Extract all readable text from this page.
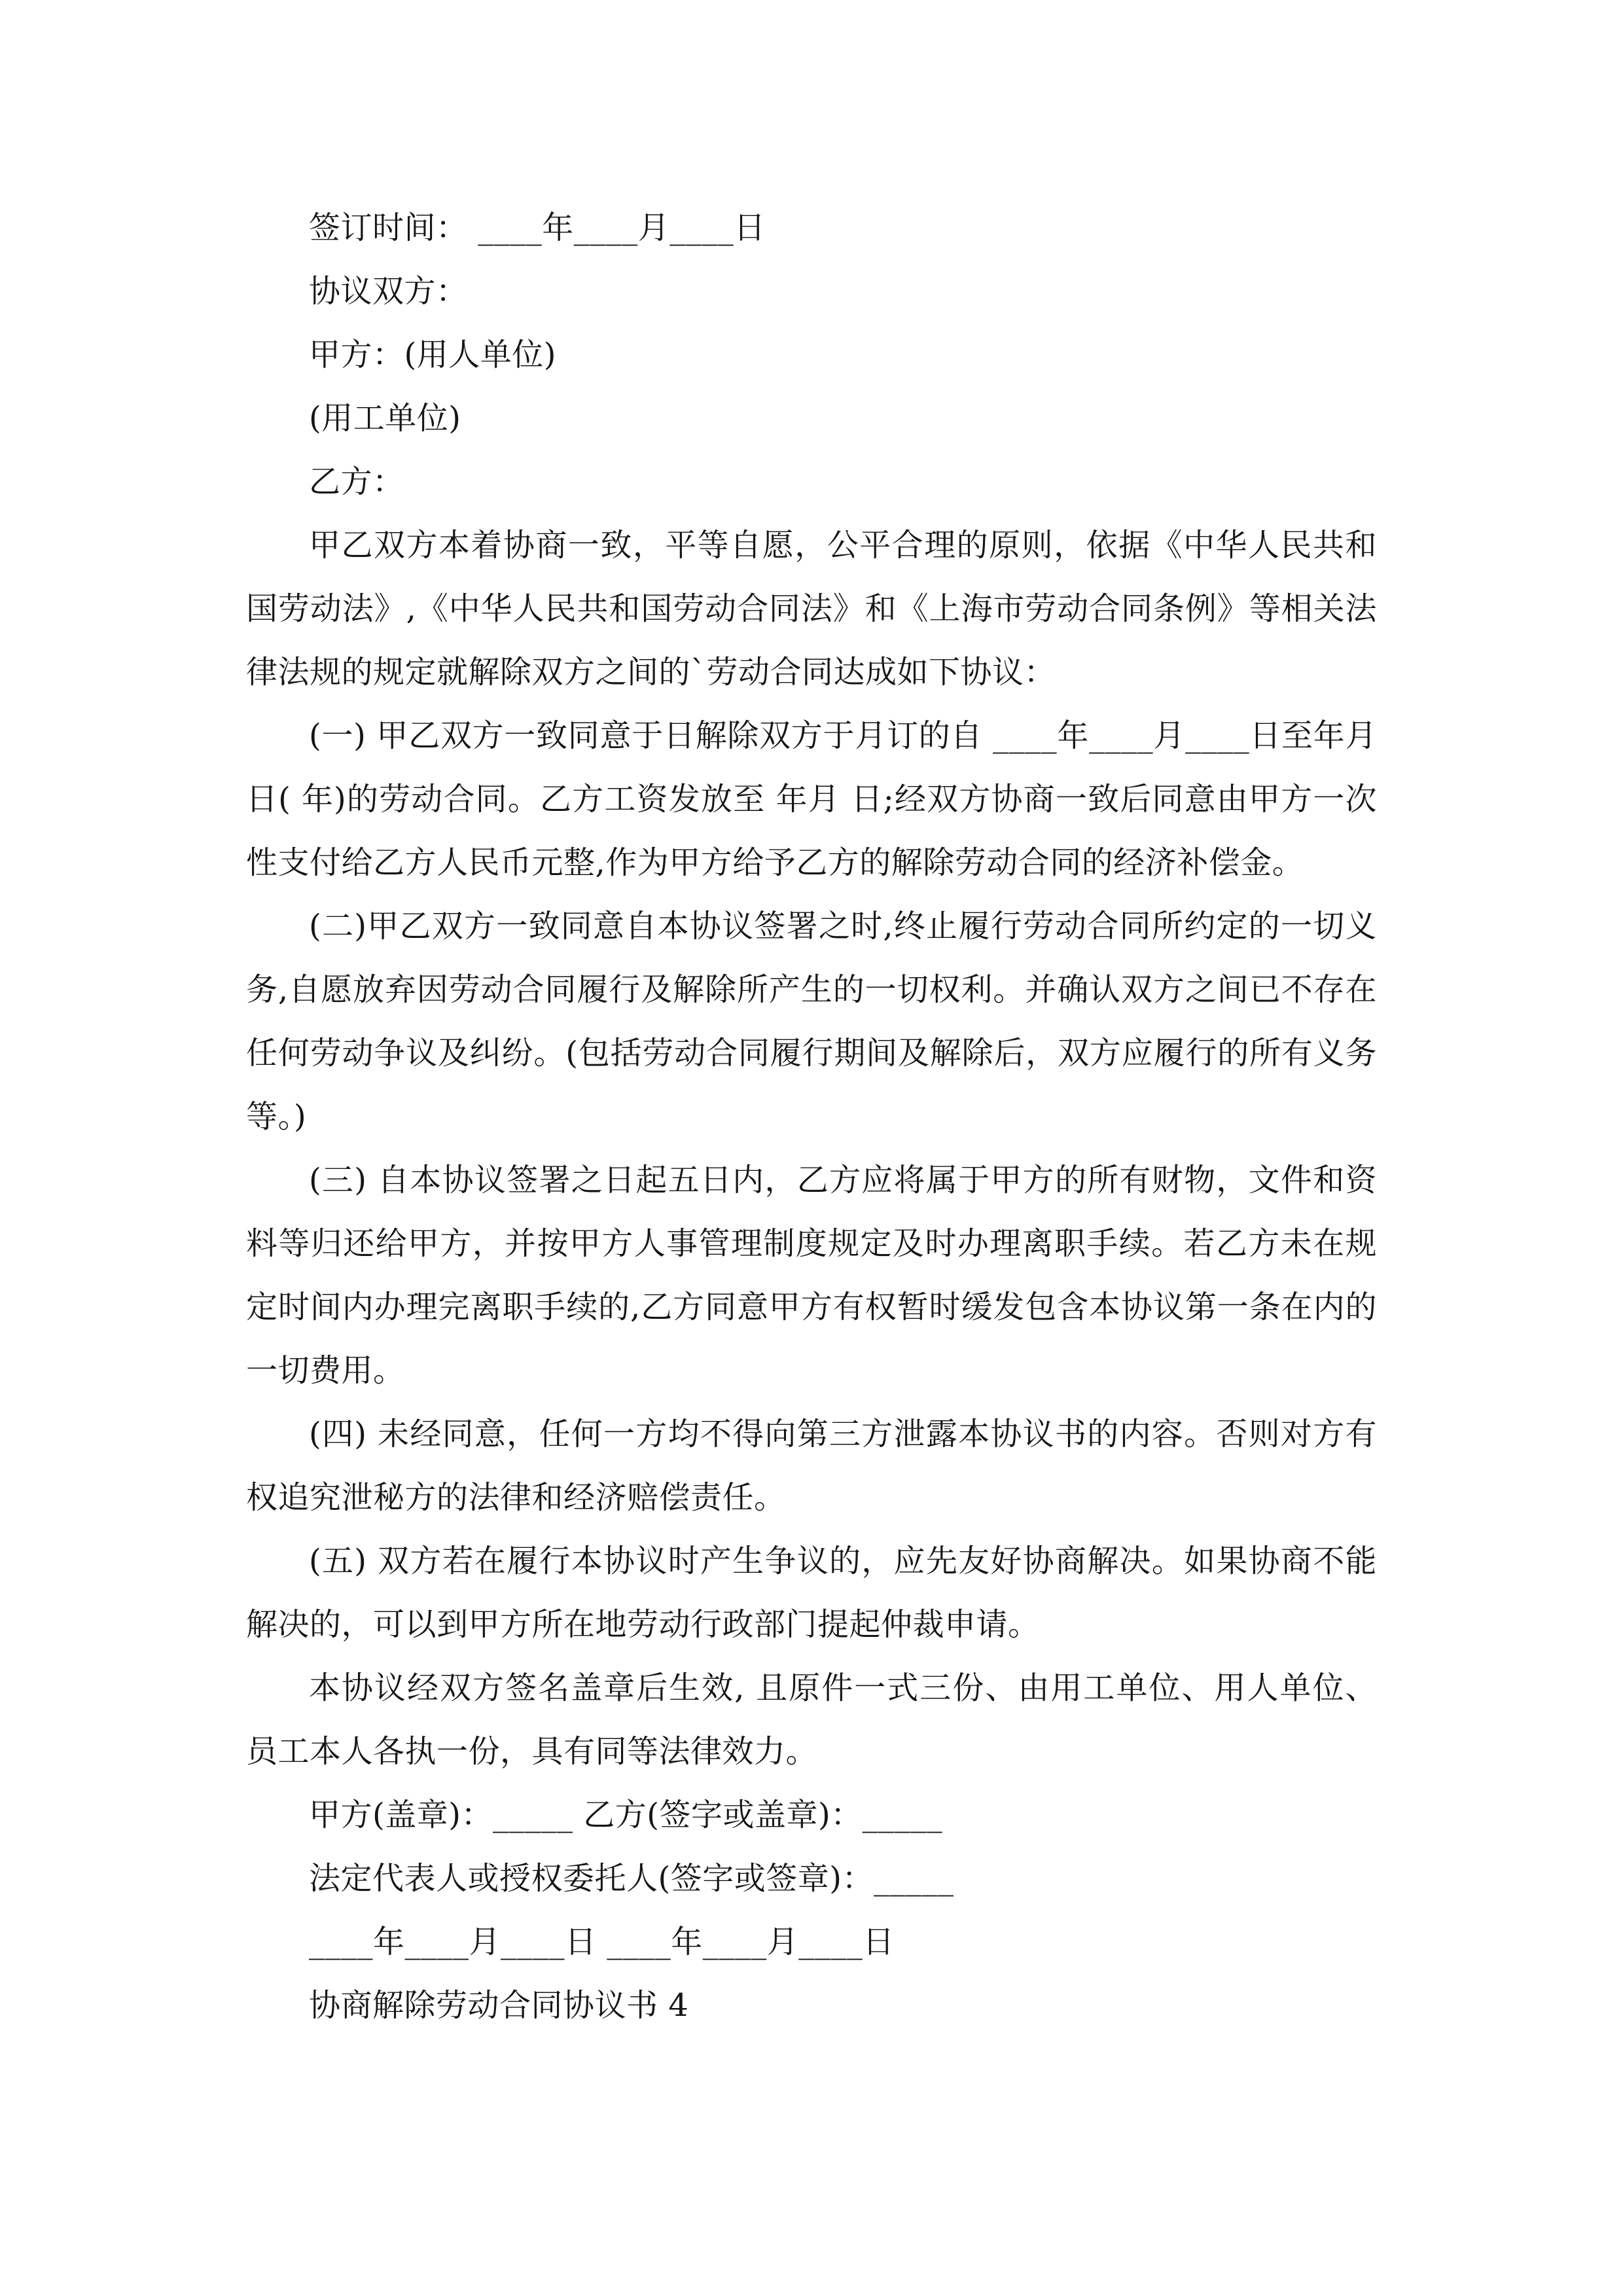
签订时间： ____年____月____日

协议双方：

甲方：(用人单位)

(用工单位)

乙方：

甲乙双方本着协商一致，平等自愿，公平合理的原则，依据《中华人民共和国劳动法》,《中华人民共和国劳动合同法》和《上海市劳动合同条例》等相关法律法规的规定就解除双方之间的`劳动合同达成如下协议：

(一) 甲乙双方一致同意于日解除双方于月订的自 ____年____月____日至年月日( 年)的劳动合同。乙方工资发放至 年月 日;经双方协商一致后同意由甲方一次性支付给乙方人民币元整,作为甲方给予乙方的解除劳动合同的经济补偿金。

(二)甲乙双方一致同意自本协议签署之时,终止履行劳动合同所约定的一切义务,自愿放弃因劳动合同履行及解除所产生的一切权利。并确认双方之间已不存在任何劳动争议及纠纷。(包括劳动合同履行期间及解除后，双方应履行的所有义务等。)

(三) 自本协议签署之日起五日内，乙方应将属于甲方的所有财物，文件和资料等归还给甲方，并按甲方人事管理制度规定及时办理离职手续。若乙方未在规定时间内办理完离职手续的,乙方同意甲方有权暂时缓发包含本协议第一条在内的一切费用。

(四) 未经同意，任何一方均不得向第三方泄露本协议书的内容。否则对方有权追究泄秘方的法律和经济赔偿责任。

(五) 双方若在履行本协议时产生争议的，应先友好协商解决。如果协商不能解决的，可以到甲方所在地劳动行政部门提起仲裁申请。

本协议经双方签名盖章后生效, 且原件一式三份、由用工单位、用人单位、员工本人各执一份，具有同等法律效力。

甲方(盖章)：_____ 乙方(签字或盖章)：_____

法定代表人或授权委托人(签字或签章)：_____

____年____月____日 ____年____月____日

协商解除劳动合同协议书 4
